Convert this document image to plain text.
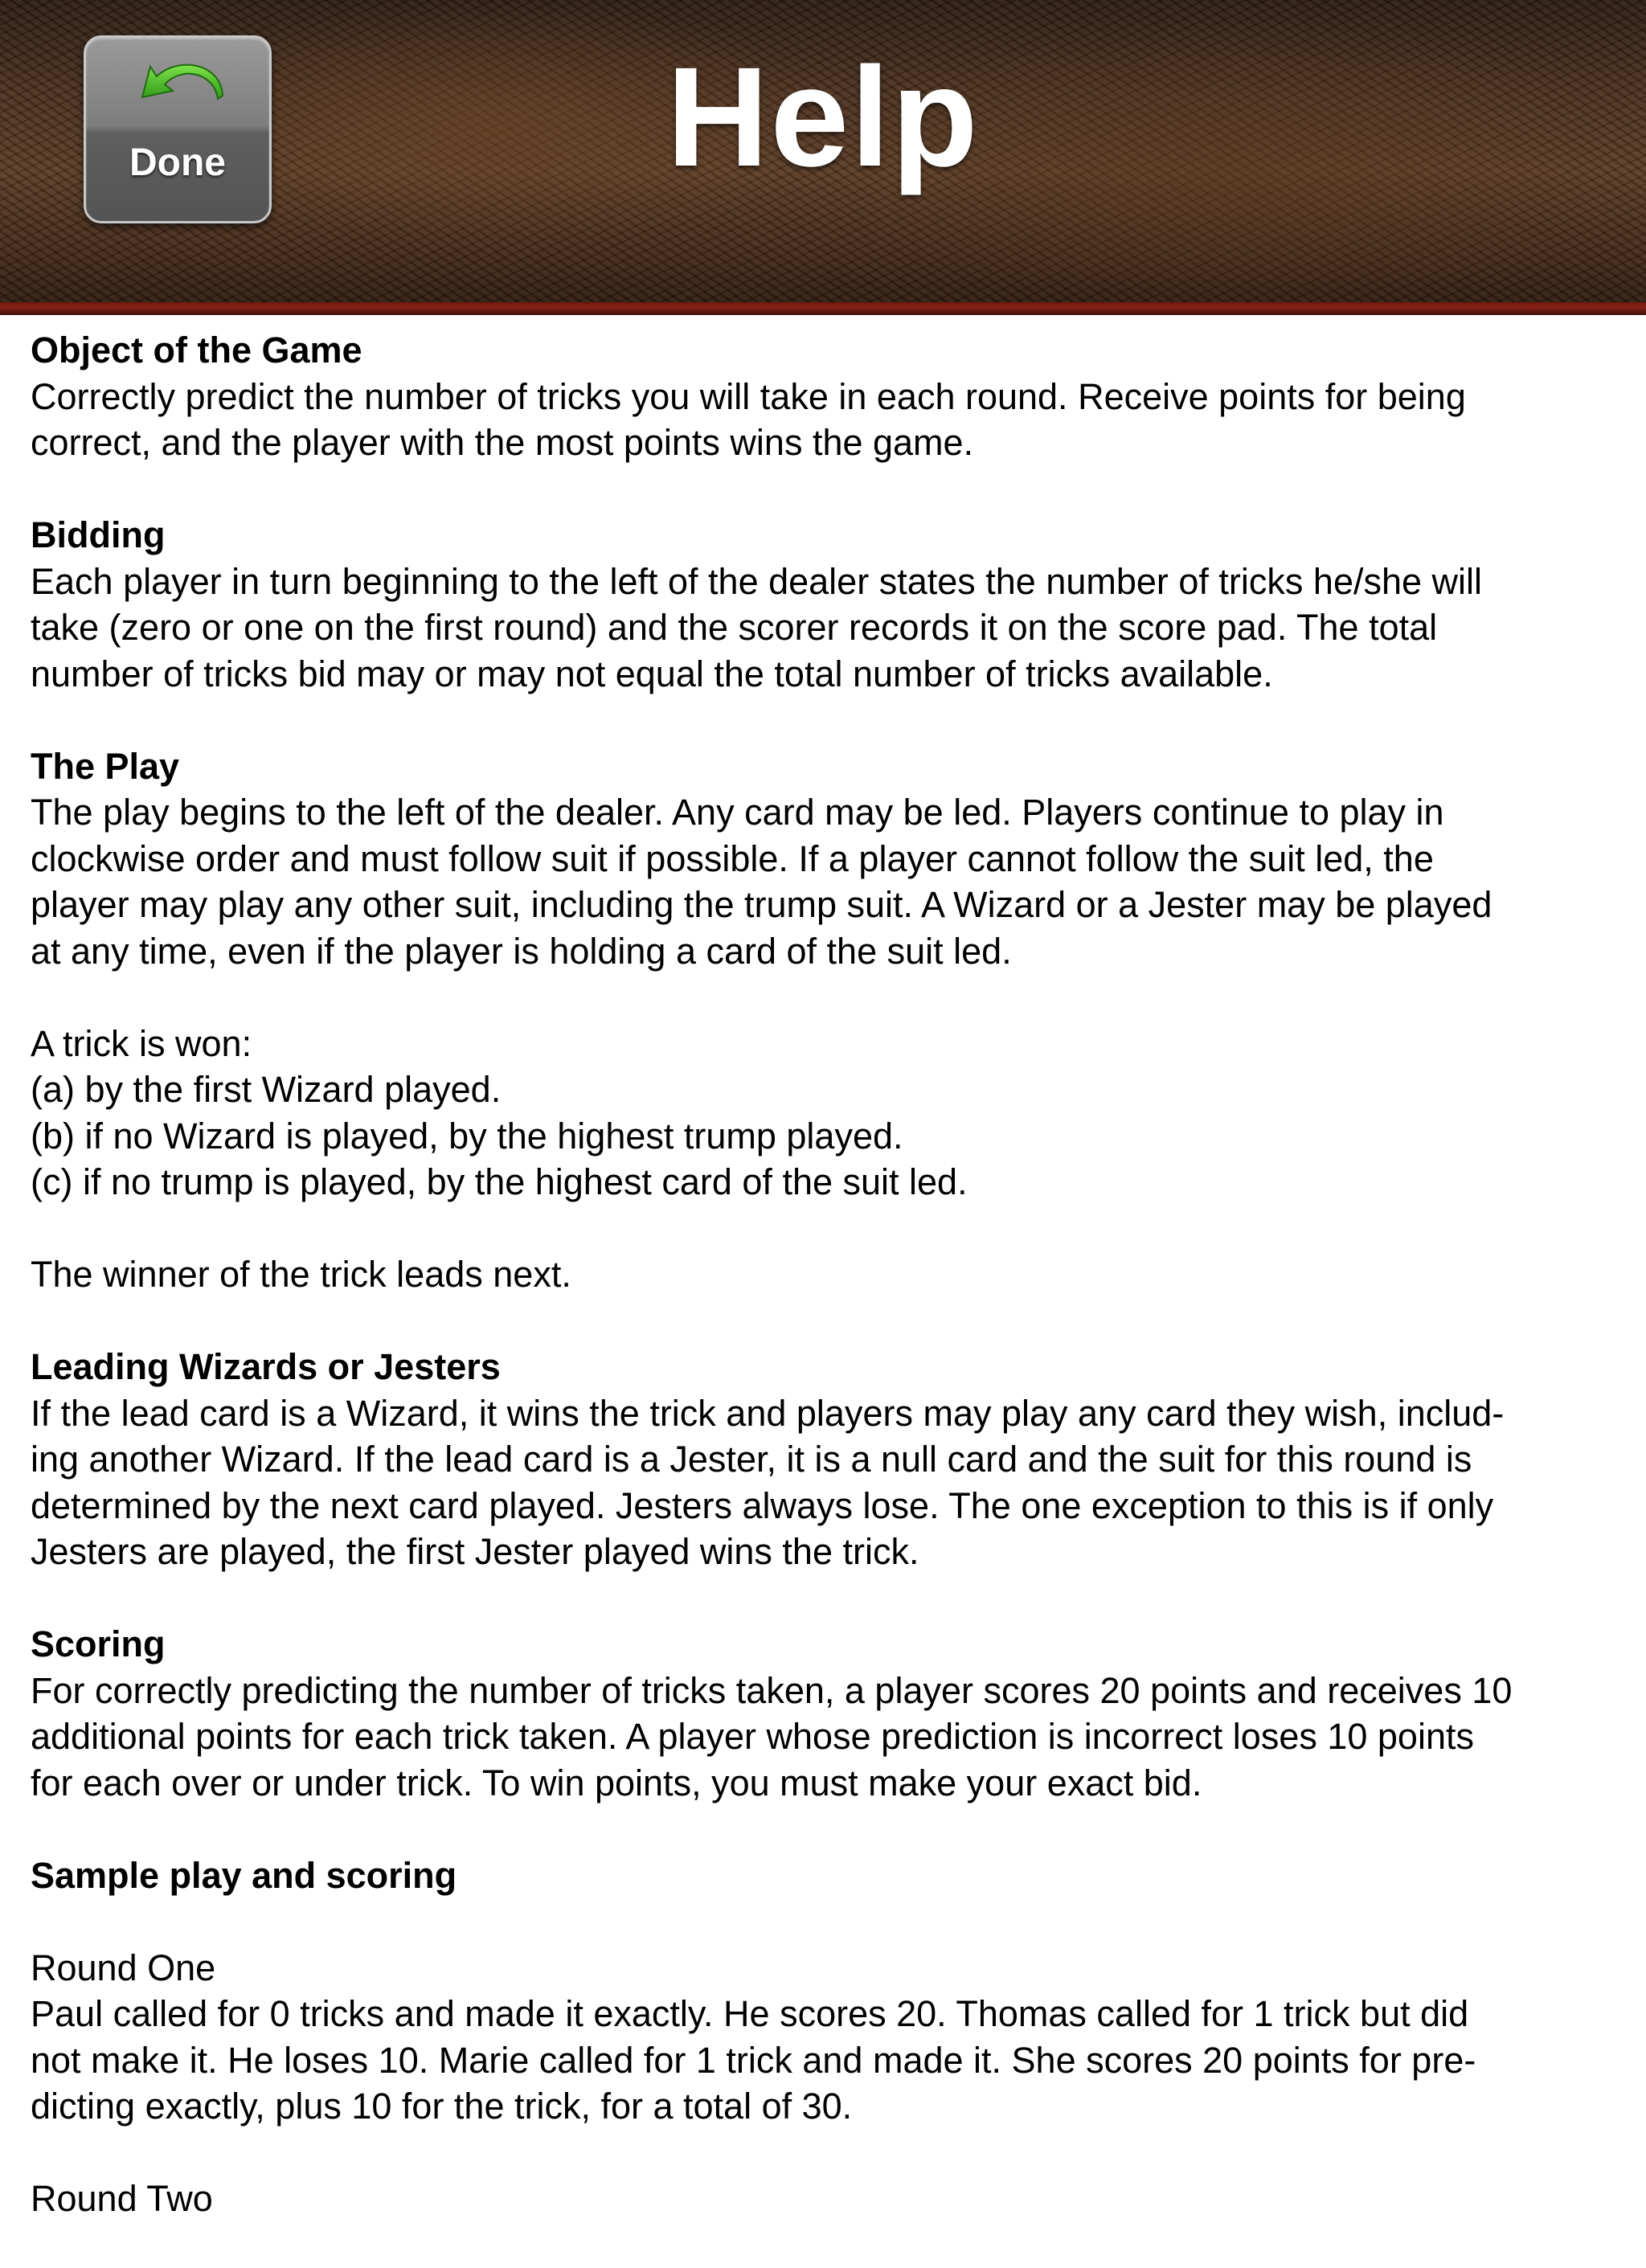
Done	Help
Object of the Game
Correctly predict the number of tricks you will take in each round. Receive points for being
correct, and the player with the most points wins the game.
Bidding
Each player in turn beginning to the left of the dealer states the number of tricks he/she will
take (zero or one on the first round) and the scorer records it on the score pad. The total
number of tricks bid may or may not equal the total number of tricks available.
The Play
The play begins to the left of the dealer. Any card may be led. Players continue to play in
clockwise order and must follow suit if possible. If a player cannot follow the suit led, the
player may play any other suit, including the trump suit. A Wizard or a Jester may be played
at any time, even if the player is holding a card of the suit led.
A trick is won:
(a) by the first Wizard played.
(b) if no Wizard is played, by the highest trump played.
(c) if no trump is played, by the highest card of the suit led.
The winner of the trick leads next.
Leading Wizards or Jesters
If the lead card is a Wizard, it wins the trick and players may play any card they wish, includ-
ing another Wizard. If the lead card is a Jester, it is a null card and the suit for this round is
determined by the next card played. Jesters always lose. The one exception to this is if only
Jesters are played, the first Jester played wins the trick.
Scoring
For correctly predicting the number of tricks taken, a player scores 20 points and receives 10
additional points for each trick taken. A player whose prediction is incorrect loses 10 points
for each over or under trick. To win points, you must make your exact bid.
Sample play and scoring
Round One
Paul called for 0 tricks and made it exactly. He scores 20. Thomas called for 1 trick but did
not make it. He loses 10. Marie called for 1 trick and made it. She scores 20 points for pre-
dicting exactly, plus 10 for the trick, for a total of 30.
Round Two
